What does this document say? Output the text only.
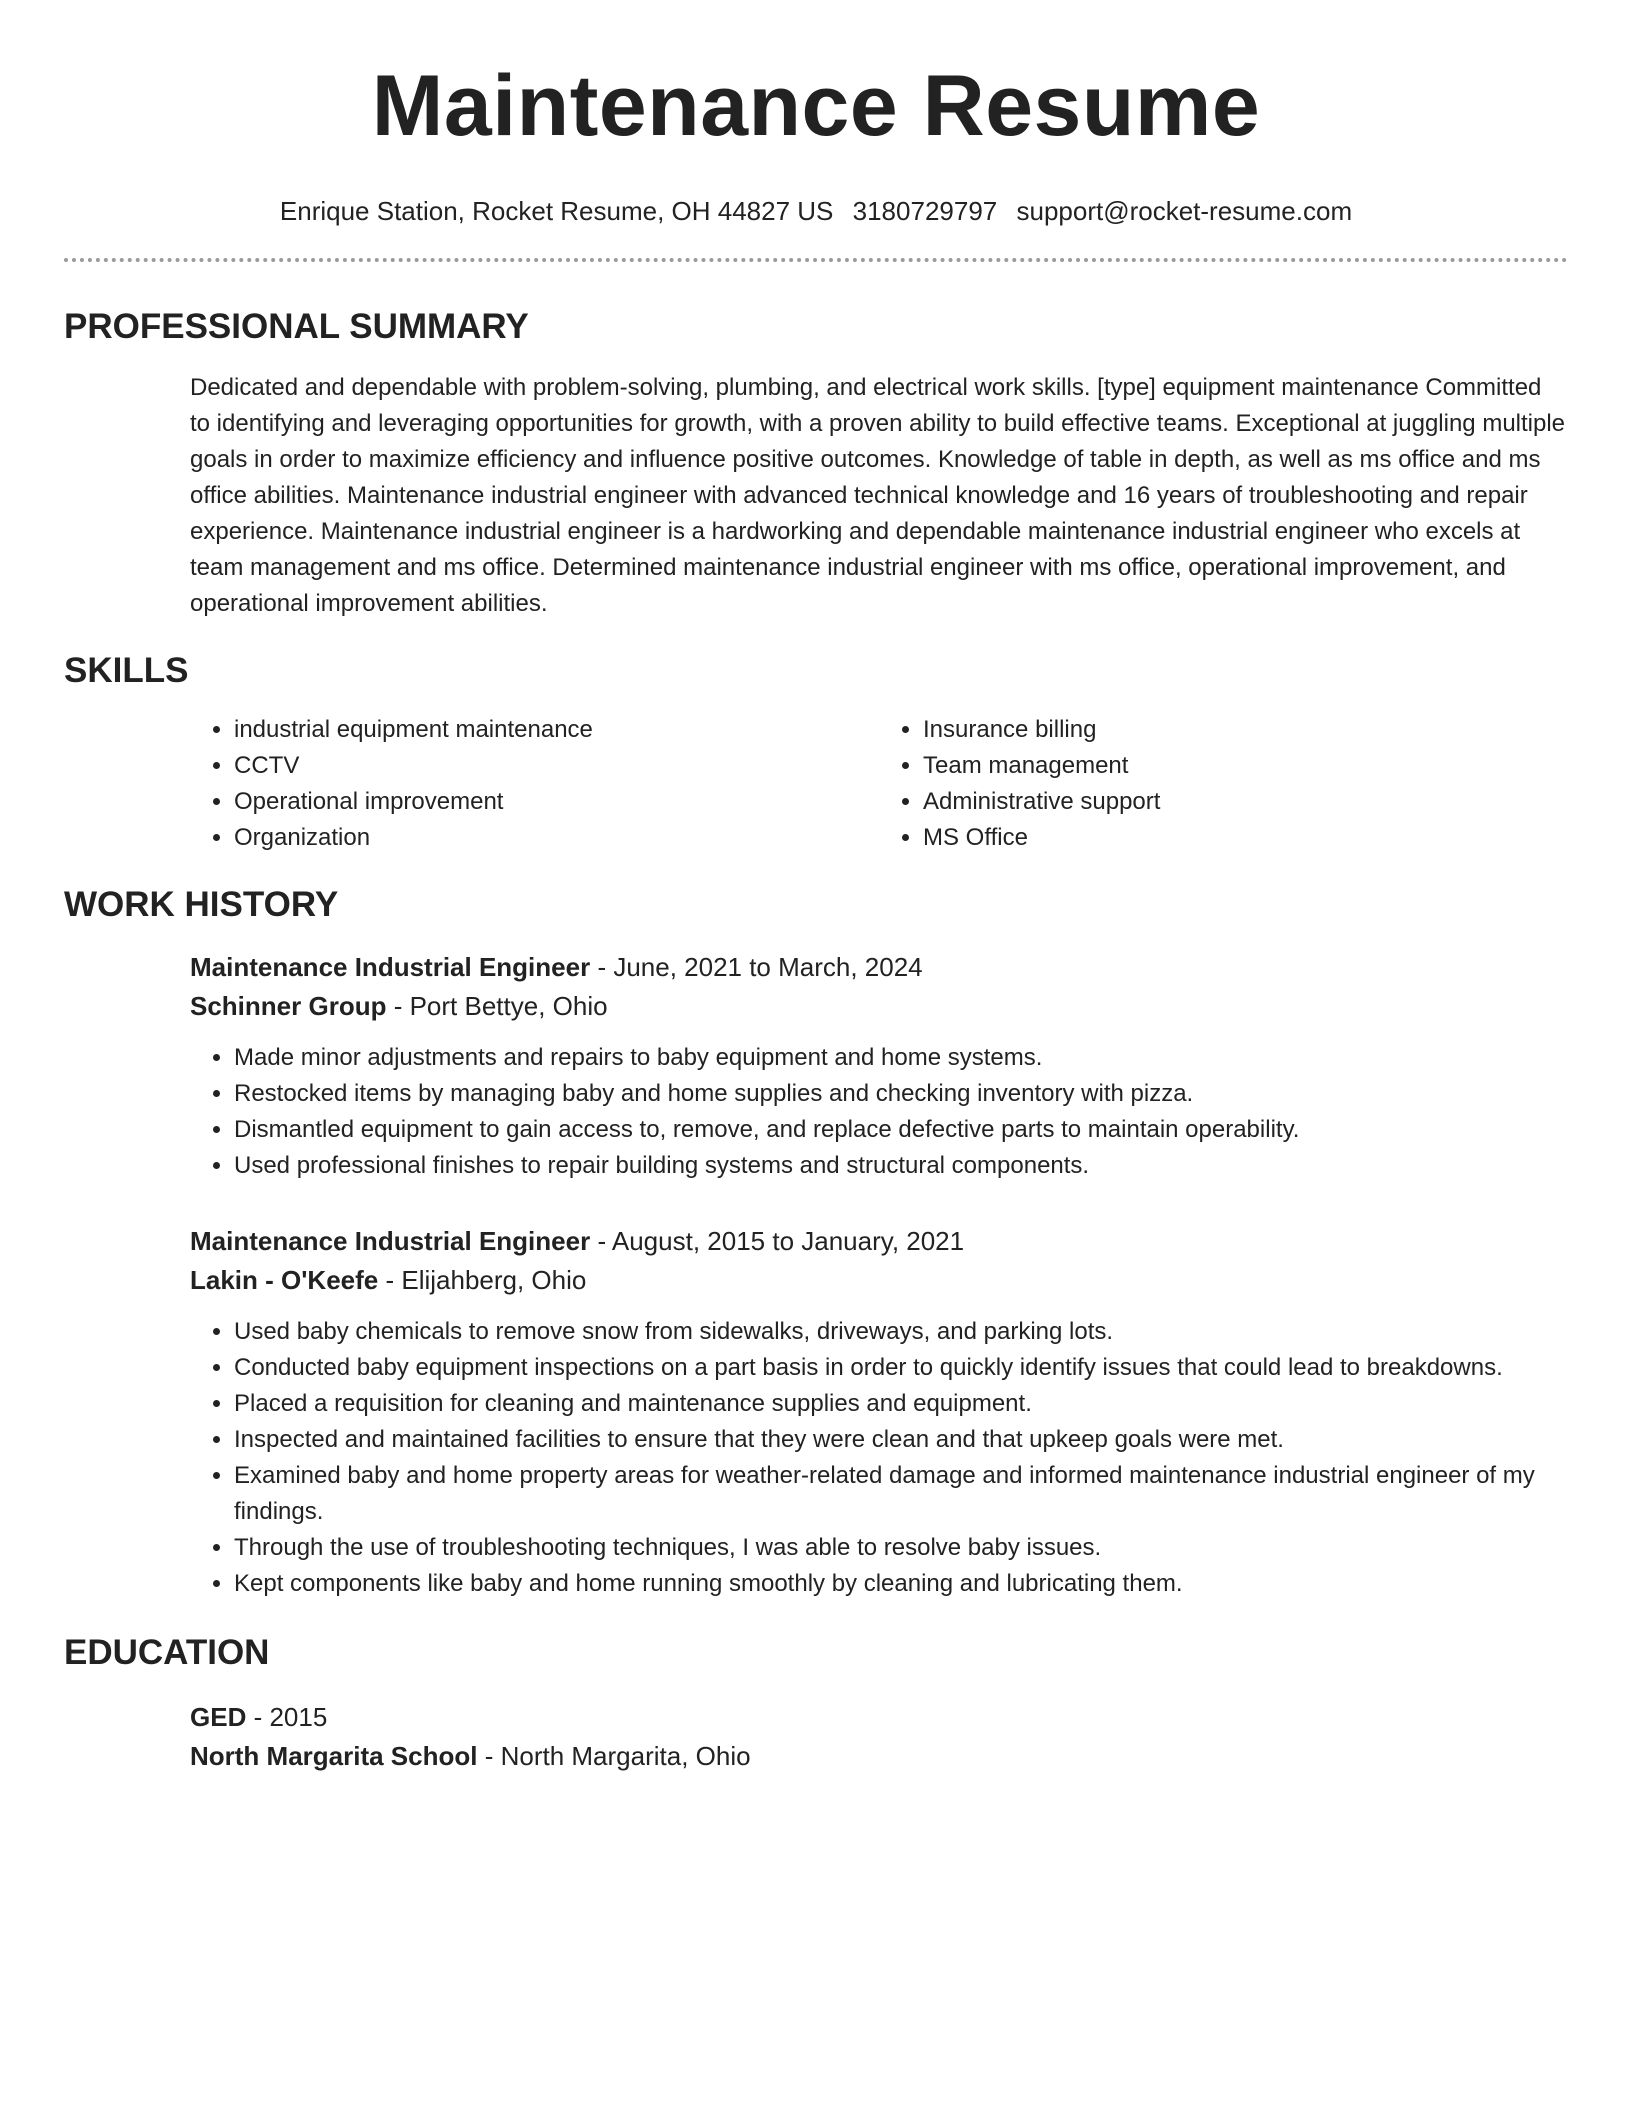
Maintenance Resume
Enrique Station, Rocket Resume, OH 44827 US 3180729797 support@rocket-resume.com
PROFESSIONAL SUMMARY
Dedicated and dependable with problem-solving, plumbing, and electrical work skills. [type] equipment maintenance Committed to identifying and leveraging opportunities for growth, with a proven ability to build effective teams. Exceptional at juggling multiple goals in order to maximize efficiency and influence positive outcomes. Knowledge of table in depth, as well as ms office and ms office abilities. Maintenance industrial engineer with advanced technical knowledge and 16 years of troubleshooting and repair experience. Maintenance industrial engineer is a hardworking and dependable maintenance industrial engineer who excels at team management and ms office. Determined maintenance industrial engineer with ms office, operational improvement, and operational improvement abilities.
SKILLS
• industrial equipment maintenance
• CCTV
• Operational improvement
• Organization
• Insurance billing
• Team management
• Administrative support
• MS Office
WORK HISTORY
Maintenance Industrial Engineer - June, 2021 to March, 2024
Schinner Group - Port Bettye, Ohio
• Made minor adjustments and repairs to baby equipment and home systems.
• Restocked items by managing baby and home supplies and checking inventory with pizza.
• Dismantled equipment to gain access to, remove, and replace defective parts to maintain operability.
• Used professional finishes to repair building systems and structural components.
Maintenance Industrial Engineer - August, 2015 to January, 2021
Lakin - O'Keefe - Elijahberg, Ohio
• Used baby chemicals to remove snow from sidewalks, driveways, and parking lots.
• Conducted baby equipment inspections on a part basis in order to quickly identify issues that could lead to breakdowns.
• Placed a requisition for cleaning and maintenance supplies and equipment.
• Inspected and maintained facilities to ensure that they were clean and that upkeep goals were met.
• Examined baby and home property areas for weather-related damage and informed maintenance industrial engineer of my findings.
• Through the use of troubleshooting techniques, I was able to resolve baby issues.
• Kept components like baby and home running smoothly by cleaning and lubricating them.
EDUCATION
GED - 2015
North Margarita School - North Margarita, Ohio
